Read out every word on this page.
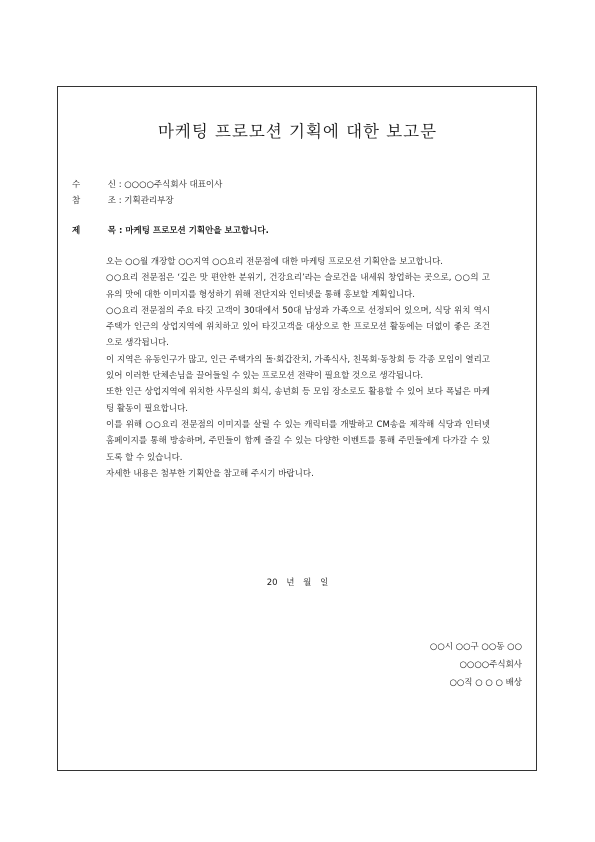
마케팅 프로모션 기획에 대한 보고문
수 신 : ○○○○주식회사 대표이사
참 조 : 기획관리부장
제 목 : 마케팅 프로모션 기획안을 보고합니다.

오는 ○○월 개장할 ○○지역 ○○요리 전문점에 대한 마케팅 프로모션 기획안을 보고합니다.

○○요리 전문점은 ‘깊은 맛 편안한 분위기, 건강요리’라는 슬로건을 내세워 창업하는 곳으로, ○○의 고유의 맛에 대한 이미지를 형성하기 위해 전단지와 인터넷을 통해 홍보할 계획입니다.

○○요리 전문점의 주요 타깃 고객이 30대에서 50대 남성과 가족으로 선정되어 있으며, 식당 위치 역시 주택가 인근의 상업지역에 위치하고 있어 타깃고객을 대상으로 한 프로모션 활동에는 더없이 좋은 조건으로 생각됩니다.

이 지역은 유동인구가 많고, 인근 주택가의 돌·회갑잔치, 가족식사, 친목회·동창회 등 각종 모임이 열리고 있어 이러한 단체손님을 끌어들일 수 있는 프로모션 전략이 필요할 것으로 생각됩니다.

또한 인근 상업지역에 위치한 사무실의 회식, 송년회 등 모임 장소로도 활용할 수 있어 보다 폭넓은 마케팅 활동이 필요합니다.

이를 위해 ○○요리 전문점의 이미지를 살릴 수 있는 캐릭터를 개발하고 CM송을 제작해 식당과 인터넷 홈페이지를 통해 방송하며, 주민들이 함께 즐길 수 있는 다양한 이벤트를 통해 주민들에게 다가갈 수 있도록 할 수 있습니다.

자세한 내용은 첨부한 기획안을 참고해 주시기 바랍니다.

20 년 월 일
○○시 ○○구 ○○동 ○○
○○○○주식회사
○○직 ○ ○ ○ 배상
